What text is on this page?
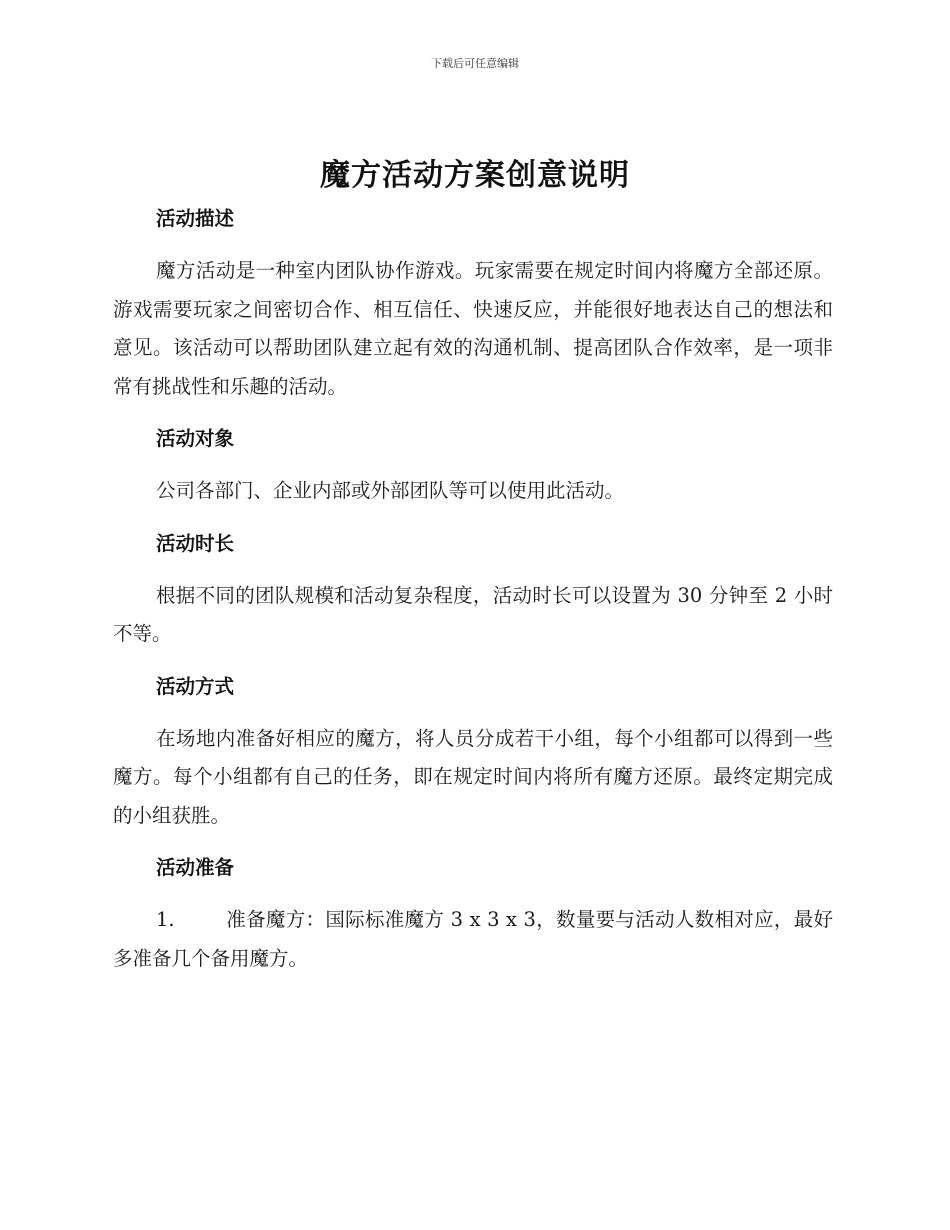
下载后可任意编辑
魔方活动方案创意说明
活动描述

魔方活动是一种室内团队协作游戏。玩家需要在规定时间内将魔方全部还原。游戏需要玩家之间密切合作、相互信任、快速反应，并能很好地表达自己的想法和意见。该活动可以帮助团队建立起有效的沟通机制、提高团队合作效率，是一项非常有挑战性和乐趣的活动。

活动对象

公司各部门、企业内部或外部团队等可以使用此活动。

活动时长

根据不同的团队规模和活动复杂程度，活动时长可以设置为 30 分钟至 2 小时不等。

活动方式

在场地内准备好相应的魔方，将人员分成若干小组，每个小组都可以得到一些魔方。每个小组都有自己的任务，即在规定时间内将所有魔方还原。最终定期完成的小组获胜。

活动准备

1.	准备魔方：国际标准魔方 3 x 3 x 3，数量要与活动人数相对应，最好多准备几个备用魔方。
